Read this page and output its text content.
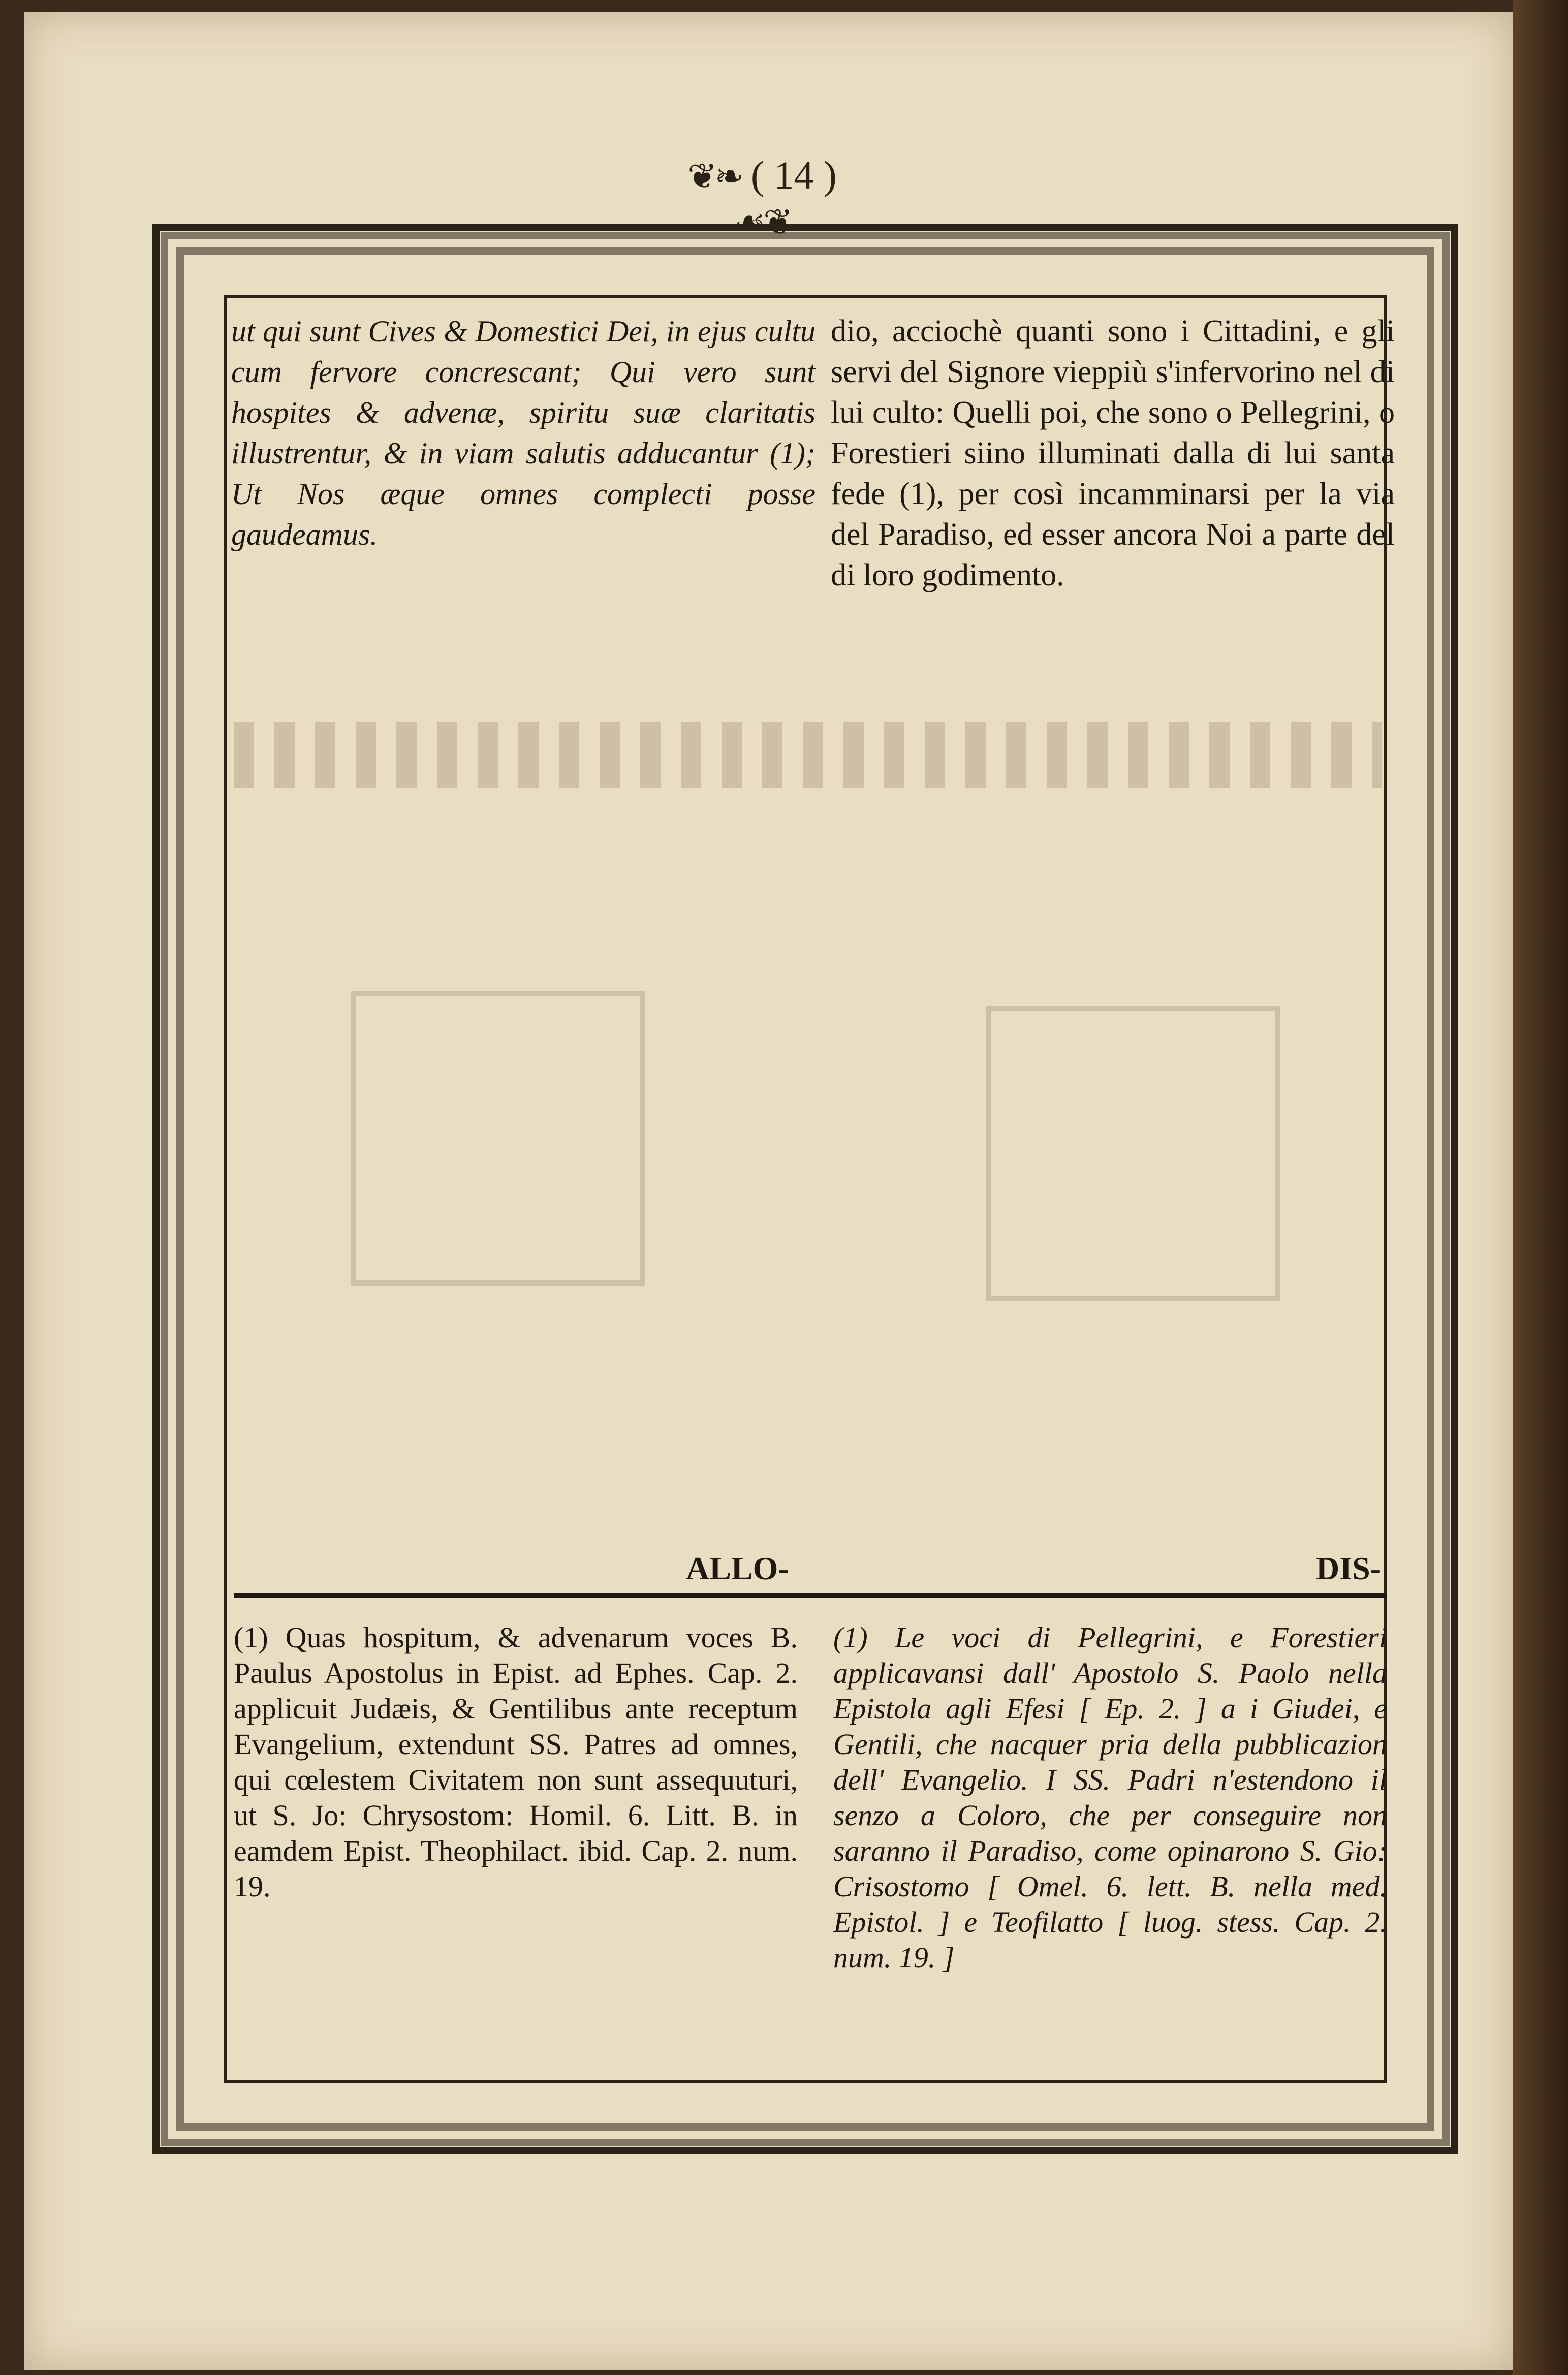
❦❧ ( 14 ) ☙❦
ut qui sunt Cives & Domestici Dei, in ejus cultu cum fervore concrescant; Qui vero sunt hospites & advenæ, spiritu suæ claritatis illustrentur, & in viam salutis adducantur (1); Ut Nos æque omnes complecti posse gaudeamus.
dio, acciochè quanti sono i Cittadini, e gli servi del Signore vieppiù s'infervorino nel di lui culto: Quelli poi, che sono o Pellegrini, o Forestieri siino illuminati dalla di lui santa fede (1), per così incamminarsi per la via del Paradiso, ed esser ancora Noi a parte del di loro godimento.
ALLO-	DIS-
(1) Quas hospitum, & advenarum voces B. Paulus Apostolus in Epist. ad Ephes. Cap. 2. applicuit Judæis, & Gentilibus ante receptum Evangelium, extendunt SS. Patres ad omnes, qui cœlestem Civitatem non sunt assequuturi, ut S. Jo: Chrysostom: Homil. 6. Litt. B. in eamdem Epist. Theophilact. ibid. Cap. 2. num. 19.
(1) Le voci di Pellegrini, e Forestieri applicavansi dall' Apostolo S. Paolo nella Epistola agli Efesi [ Ep. 2. ] a i Giudei, e Gentili, che nacquer pria della pubblicazion dell' Evangelio. I SS. Padri n'estendono il senzo a Coloro, che per conseguire non saranno il Paradiso, come opinarono S. Gio: Crisostomo [ Omel. 6. lett. B. nella med. Epistol. ] e Teofilatto [ luog. stess. Cap. 2. num. 19. ]
